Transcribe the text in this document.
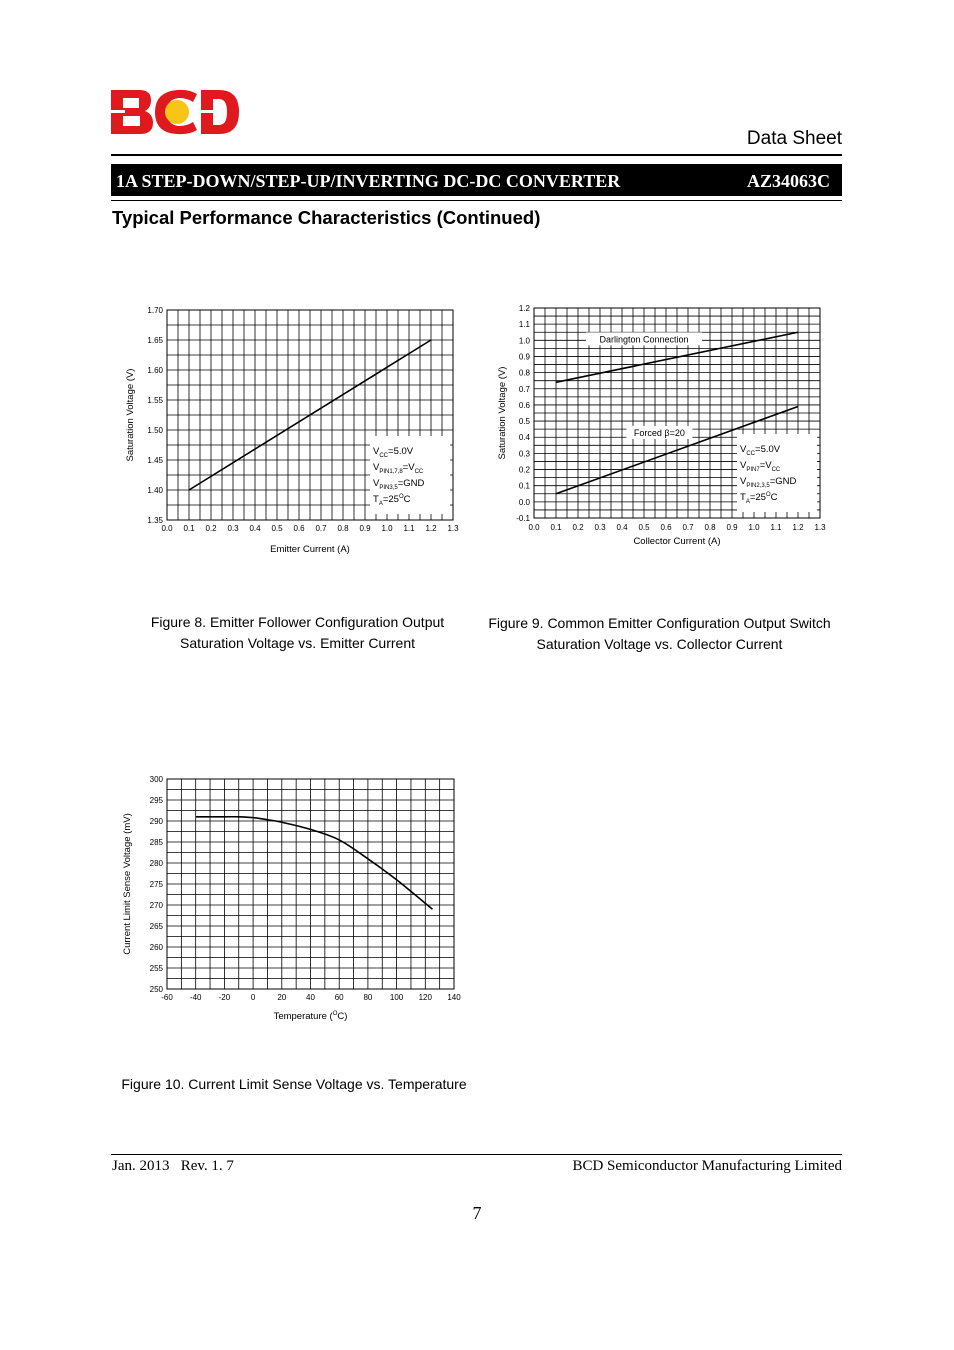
Data Sheet
1A STEP-DOWN/STEP-UP/INVERTING DC-DC CONVERTER	AZ34063C
Typical Performance Characteristics (Continued)
0.0 0.1 0.2 0.3 0.4 0.5 0.6 0.7 0.8 0.9 1.0 1.1 1.2 1.3
1.35
1.40
1.45
1.50
1.55
1.60
1.65
1.70
Saturation Voltage (V)
Emitter Current (A)
$V_{CC}=5.0V$
$V_{PIN1,7,8}=V_{CC}$
$V_{PIN3,5}=GND$
$T_A=25^OC$
0.0 0.1 0.2 0.3 0.4 0.5 0.6 0.7 0.8 0.9 1.0 1.1 1.2 1.3
-0.1
0.0
0.1
0.2
0.3
0.4
0.5
0.6
0.7
0.8
0.9
1.0
1.1
1.2
Saturation Voltage (V)
Collector Current (A)
Darlington Connection
Forced β=20
$V_{CC}=5.0V$
$V_{PIN7}=V_{CC}$
$V_{PIN2,3,5}=GND$
$T_A=25^OC$
-60 -40 -20	0	20 40 60 80 100 120 140
250
255
260
265
270
275
280
285
290
295
300
Current Limit Sense Voltage (mV)
Temperature ($^O$C)
Figure 8. Emitter Follower Configuration Output
Saturation Voltage vs. Emitter Current
Figure 9. Common Emitter Configuration Output Switch
Saturation Voltage vs. Collector Current
Figure 10. Current Limit Sense Voltage vs. Temperature
Jan. 2013   Rev. 1. 7	BCD Semiconductor Manufacturing Limited
7
